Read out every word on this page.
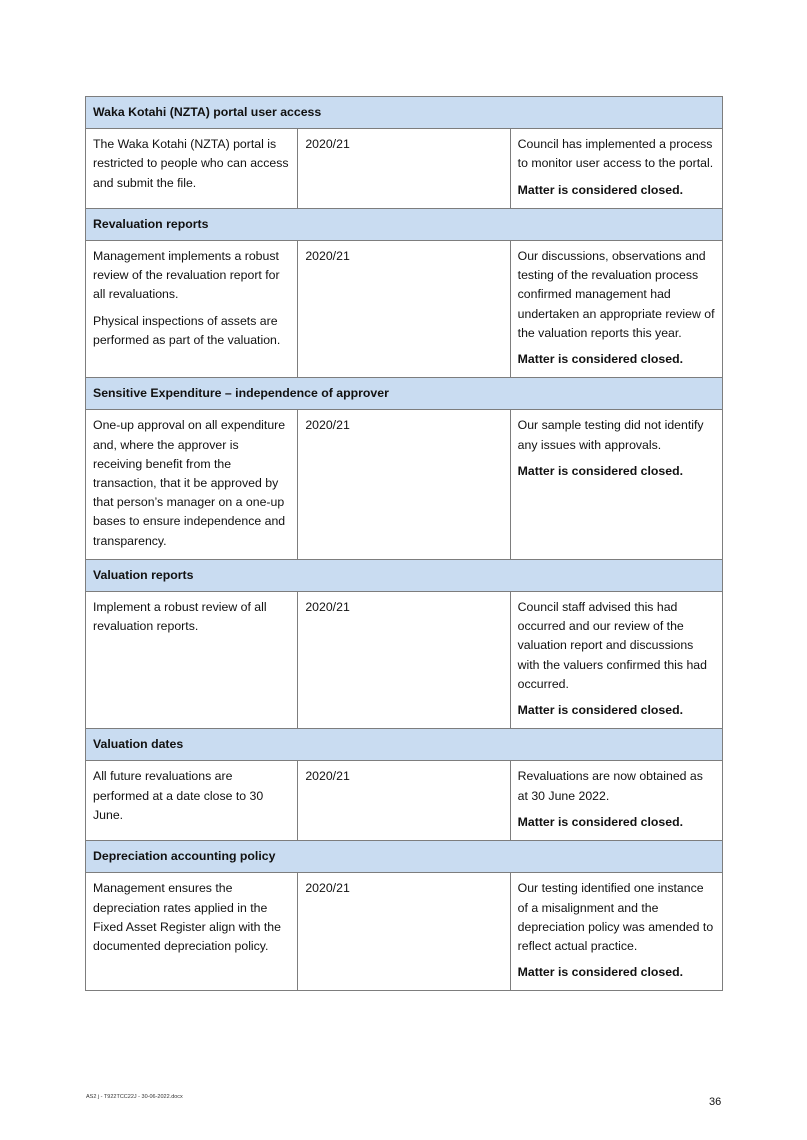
Waka Kotahi (NZTA) portal user access		

The Waka Kotahi (NZTA) portal is restricted to people who can access and submit the file.	2020/21	Council has implemented a process to monitor user access to the portal.
Matter is considered closed.

Revaluation reports		

Management implements a robust review of the revaluation report for all revaluations.
Physical inspections of assets are performed as part of the valuation.	2020/21	Our discussions, observations and testing of the revaluation process confirmed management had undertaken an appropriate review of the valuation reports this year.
Matter is considered closed.

Sensitive Expenditure – independence of approver		

One-up approval on all expenditure and, where the approver is receiving benefit from the transaction, that it be approved by that person’s manager on a one-up bases to ensure independence and transparency.	2020/21	Our sample testing did not identify any issues with approvals.
Matter is considered closed.

Valuation reports		

Implement a robust review of all revaluation reports.	2020/21	Council staff advised this had occurred and our review of the valuation report and discussions with the valuers confirmed this had occurred.
Matter is considered closed.

Valuation dates		

All future revaluations are performed at a date close to 30 June.	2020/21	Revaluations are now obtained as at 30 June 2022.
Matter is considered closed.

Depreciation accounting policy		

Management ensures the depreciation rates applied in the Fixed Asset Register align with the documented depreciation policy.	2020/21	Our testing identified one instance of a misalignment and the depreciation policy was amended to reflect actual practice.
Matter is considered closed.
AS2 j - T922TCC22J - 30-06-2022.docx	36
